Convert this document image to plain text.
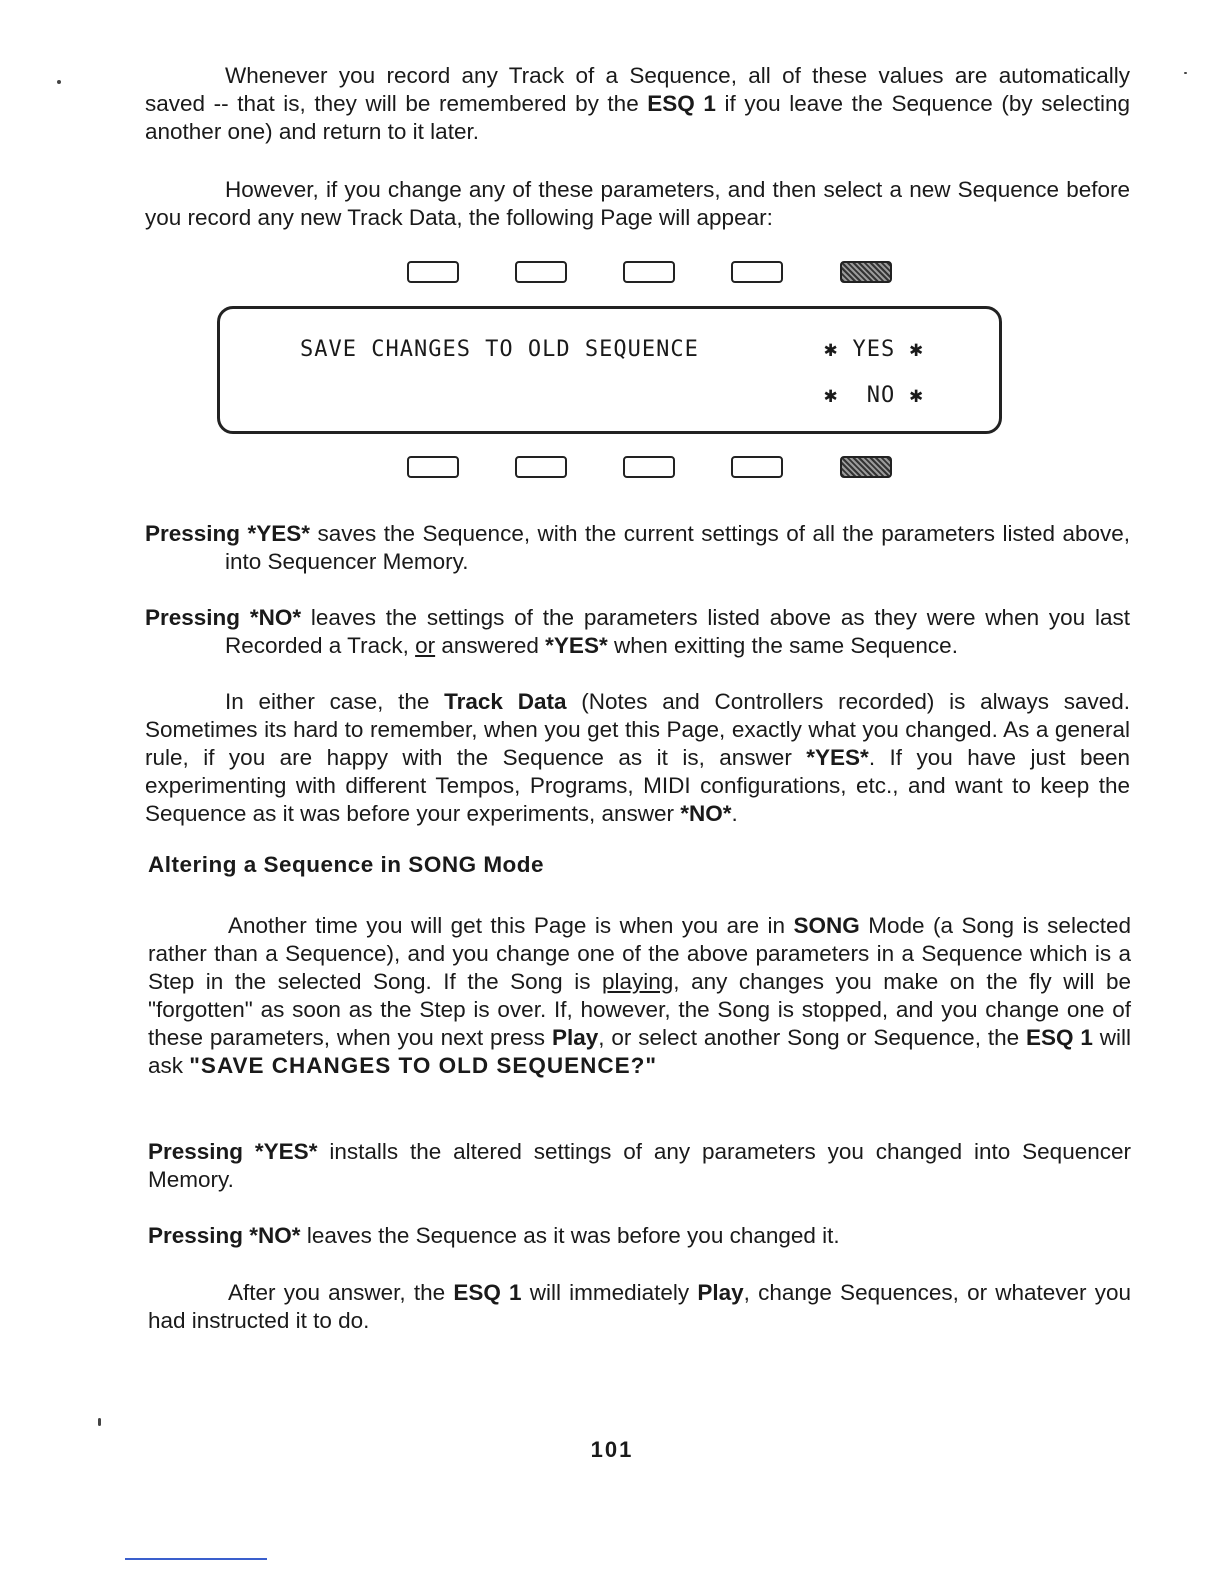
Whenever you record any Track of a Sequence, all of these values are automatically saved -- that is, they will be remembered by the ESQ 1 if you leave the Sequence (by selecting another one) and return to it later.

However, if you change any of these parameters, and then select a new Sequence before you record any new Track Data, the following Page will appear:

SAVE CHANGES TO OLD SEQUENCE	✱ YES ✱
✱  NO ✱

Pressing *YES* saves the Sequence, with the current settings of all the parameters listed above, into Sequencer Memory.

Pressing *NO* leaves the settings of the parameters listed above as they were when you last Recorded a Track, or answered *YES* when exitting the same Sequence.

In either case, the Track Data (Notes and Controllers recorded) is always saved. Sometimes its hard to remember, when you get this Page, exactly what you changed. As a general rule, if you are happy with the Sequence as it is, answer *YES*. If you have just been experimenting with different Tempos, Programs, MIDI configurations, etc., and want to keep the Sequence as it was before your experiments, answer *NO*.

Altering a Sequence in SONG Mode

Another time you will get this Page is when you are in SONG Mode (a Song is selected rather than a Sequence), and you change one of the above parameters in a Sequence which is a Step in the selected Song. If the Song is playing, any changes you make on the fly will be "forgotten" as soon as the Step is over. If, however, the Song is stopped, and you change one of these parameters, when you next press Play, or select another Song or Sequence, the ESQ 1 will ask "SAVE CHANGES TO OLD SEQUENCE?"

Pressing *YES* installs the altered settings of any parameters you changed into Sequencer Memory.

Pressing *NO* leaves the Sequence as it was before you changed it.

After you answer, the ESQ 1 will immediately Play, change Sequences, or whatever you had instructed it to do.

101
